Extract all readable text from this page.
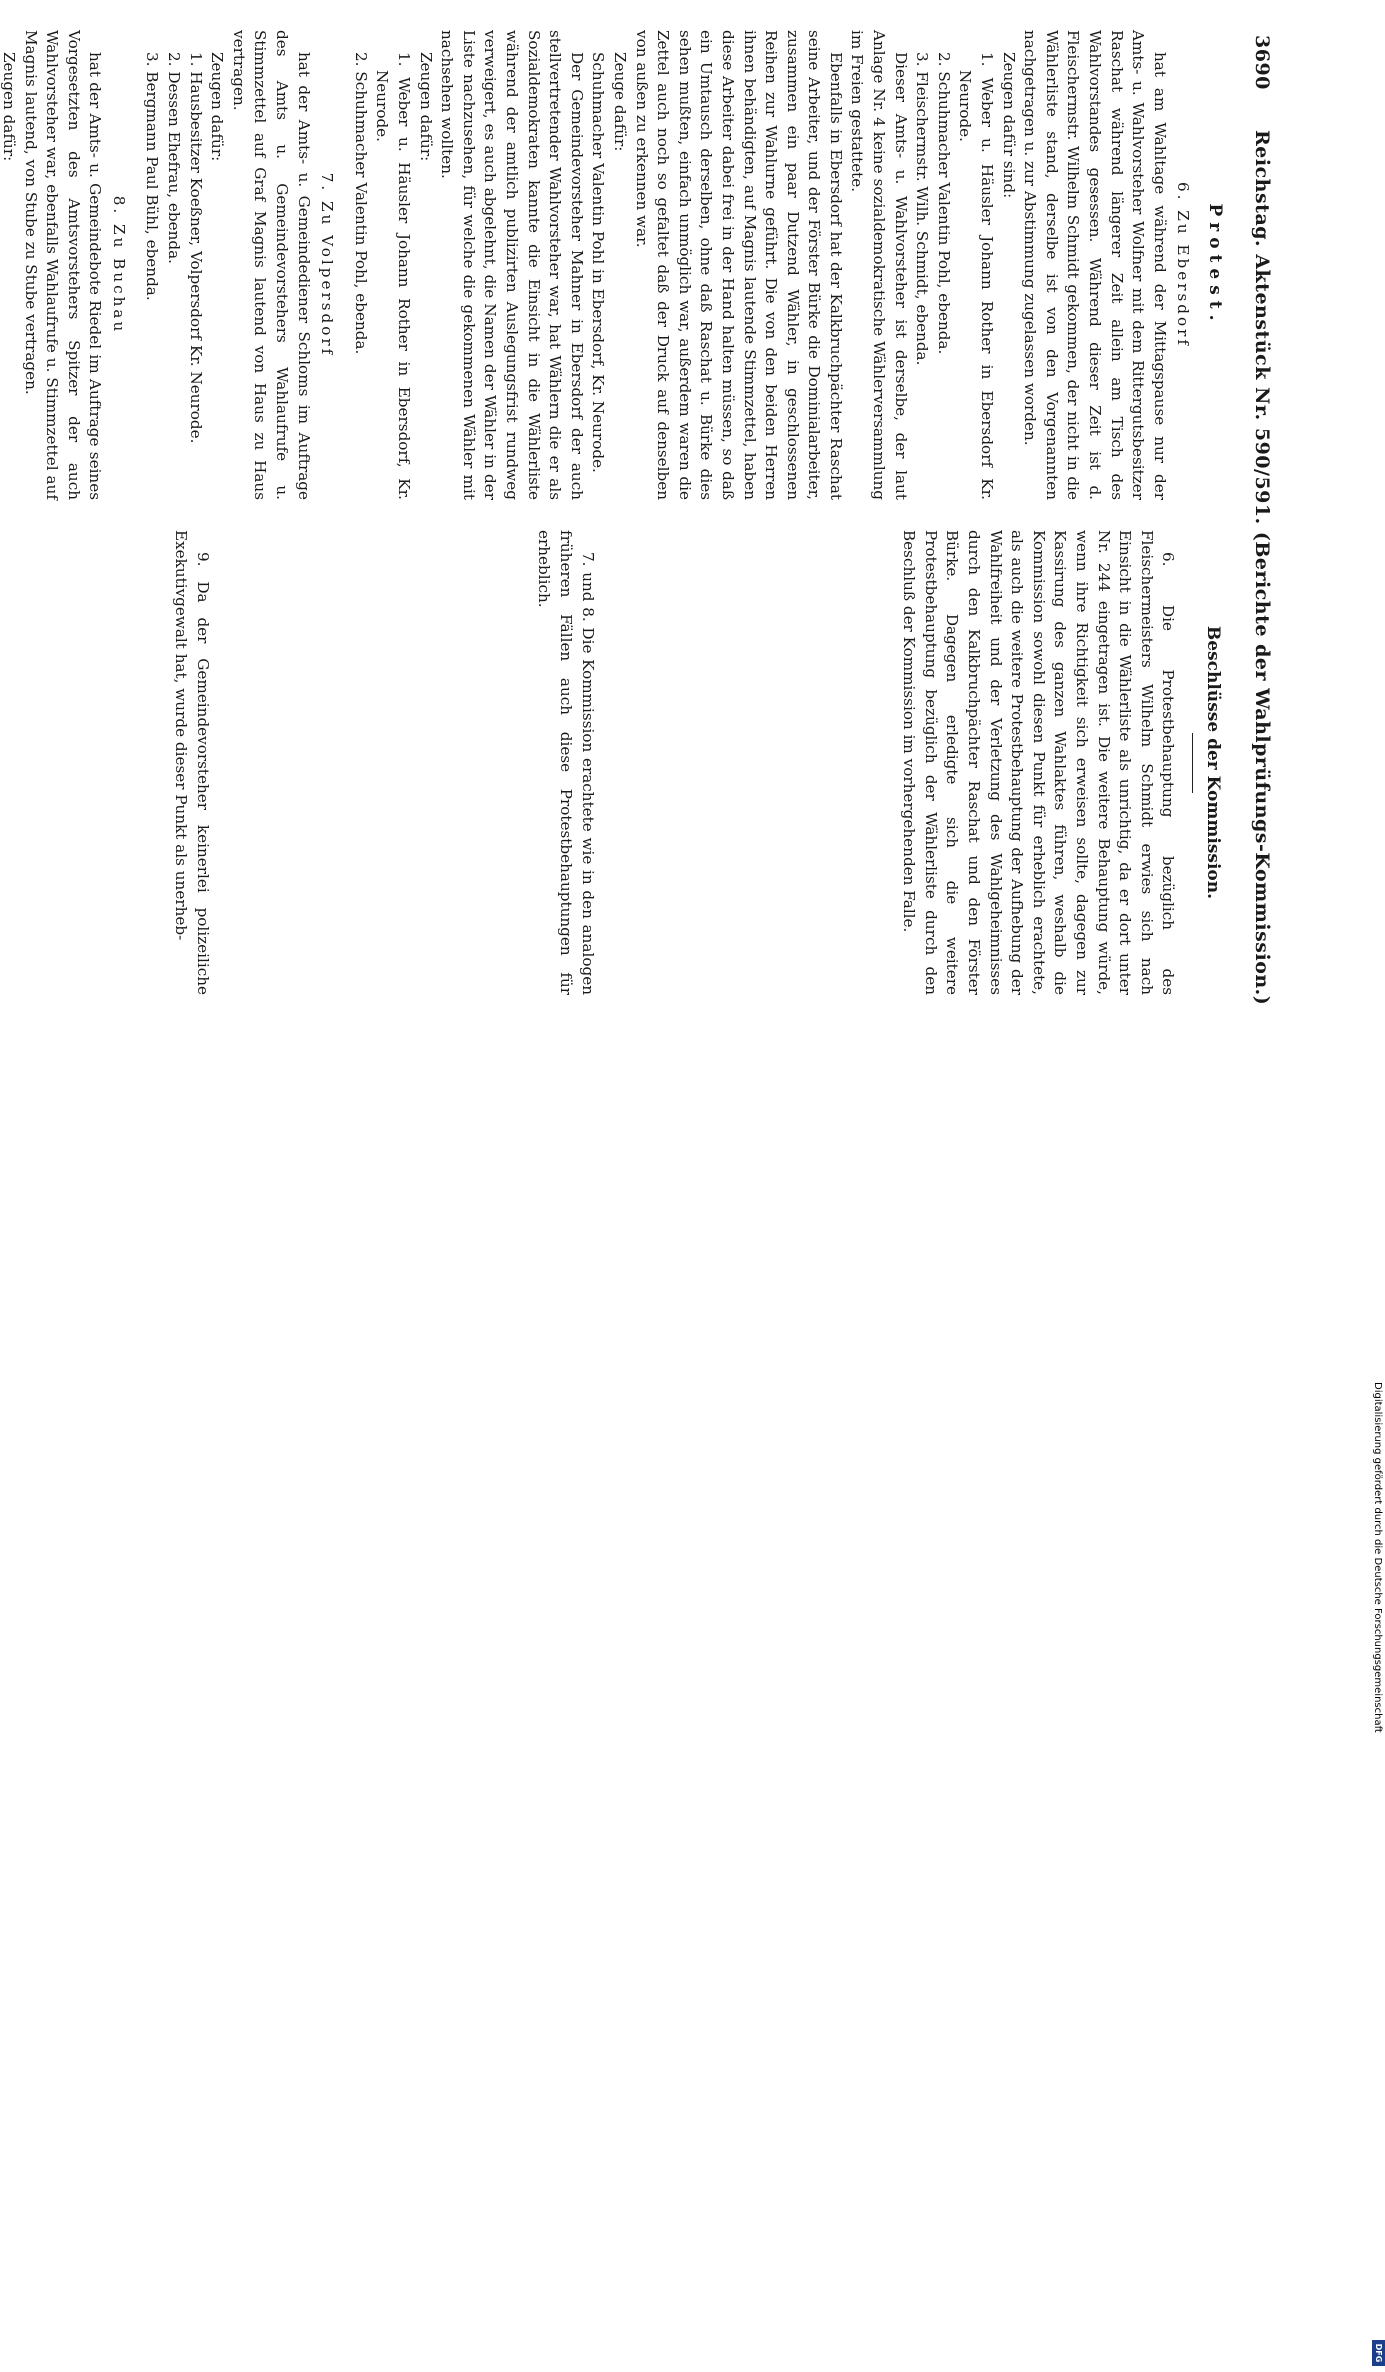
3690
Reichstag. Aktenstück Nr. 590/591. (Berichte der Wahlprüfungs-Kommission.)
Protest.
6. Zu Ebersdorf

hat am Wahltage während der Mittagspause nur der Amts- u. Wahlvorsteher Wolfner mit dem Rittergutsbesitzer Raschat während längerer Zeit allein am Tisch des Wahlvorstandes gesessen. Während dieser Zeit ist d. Fleischermstr. Wilhelm Schmidt gekommen, der nicht in die Wählerliste stand, derselbe ist von den Vorgenannten nachgetragen u. zur Abstimmung zugelassen worden.

Zeugen dafür sind:

1. Weber u. Häusler Johann Rother in Ebersdorf Kr. Neurode.

2. Schuhmacher Valentin Pohl, ebenda.

3. Fleischermstr. Wilh. Schmidt, ebenda.

Dieser Amts- u. Wahlvorsteher ist derselbe, der laut Anlage Nr. 4 keine sozialdemokratische Wählerversammlung im Freien gestattete.

Ebenfalls in Ebersdorf hat der Kalkbruchpächter Raschat seine Arbeiter, und der Förster Bürke die Dominialarbeiter, zusammen ein paar Dutzend Wähler, in geschlossenen Reihen zur Wahlurne geführt. Die von den beiden Herren ihnen behändigten, auf Magnis lautende Stimmzettel, haben diese Arbeiter dabei frei in der Hand halten müssen, so daß ein Umtausch derselben, ohne daß Raschat u. Bürke dies sehen mußten, einfach unmöglich war, außerdem waren die Zettel auch noch so gefaltet daß der Druck auf denselben von außen zu erkennen war.

Zeuge dafür:

Schuhmacher Valentin Pohl in Ebersdorf, Kr. Neurode.

Der Gemeindevorsteher Mahner in Ebersdorf der auch stellvertretender Wahlvorsteher war, hat Wählern die er als Sozialdemokraten kannte die Einsicht in die Wählerliste während der amtlich publizirten Auslegungsfrist rundweg verweigert, es auch abgelehnt, die Namen der Wähler in der Liste nachzusehen, für welche die gekommenen Wähler mit nachsehen wollten.

Zeugen dafür:

1. Weber u. Häusler Johann Rother in Ebersdorf, Kr. Neurode.

2. Schuhmacher Valentin Pohl, ebenda.

7. Zu Volpersdorf

hat der Amts- u. Gemeindediener Schloms im Auftrage des Amts u. Gemeindevorstehers Wahlaufrufe u. Stimmzettel auf Graf Magnis lautend von Haus zu Haus vertragen.

Zeugen dafür:

1. Hausbesitzer Koeßner, Volpersdorf Kr. Neurode.

2. Dessen Ehefrau, ebenda.

3. Bergmann Paul Bühl, ebenda.

8. Zu Buchau

hat der Amts- u. Gemeindebote Riedel im Auftrage seines Vorgesetzten des Amtsvorstehers Spitzer der auch Wahlvorsteher war, ebenfalls Wahlaufrufe u. Stimmzettel auf Magnis lautend, von Stube zu Stube vertragen.

Zeugen dafür:

Beschlüsse der Kommission.

6. Die Protestbehauptung bezüglich des Fleischermeisters Wilhelm Schmidt erwies sich nach Einsicht in die Wählerliste als unrichtig, da er dort unter Nr. 244 eingetragen ist. Die weitere Behauptung würde, wenn ihre Richtigkeit sich erweisen sollte, dagegen zur Kassirung des ganzen Wahlaktes führen, weshalb die Kommission sowohl diesen Punkt für erheblich erachtete, als auch die weitere Protestbehauptung der Aufhebung der Wahlfreiheit und der Verletzung des Wahlgeheimnisses durch den Kalkbruchpächter Raschat und den Förster Bürke. Dagegen erledigte sich die weitere Protestbehauptung bezüglich der Wählerliste durch den Beschluß der Kommission im vorhergehenden Falle.

7. und 8. Die Kommission erachtete wie in den analogen früheren Fällen auch diese Protestbehauptungen für erheblich.

9. Da der Gemeindevorsteher keinerlei polizeiliche Exekutivgewalt hat, wurde dieser Punkt als unerheb-

Digitalisierung gefördert durch die Deutsche Forschungsgemeinschaft
DFG
